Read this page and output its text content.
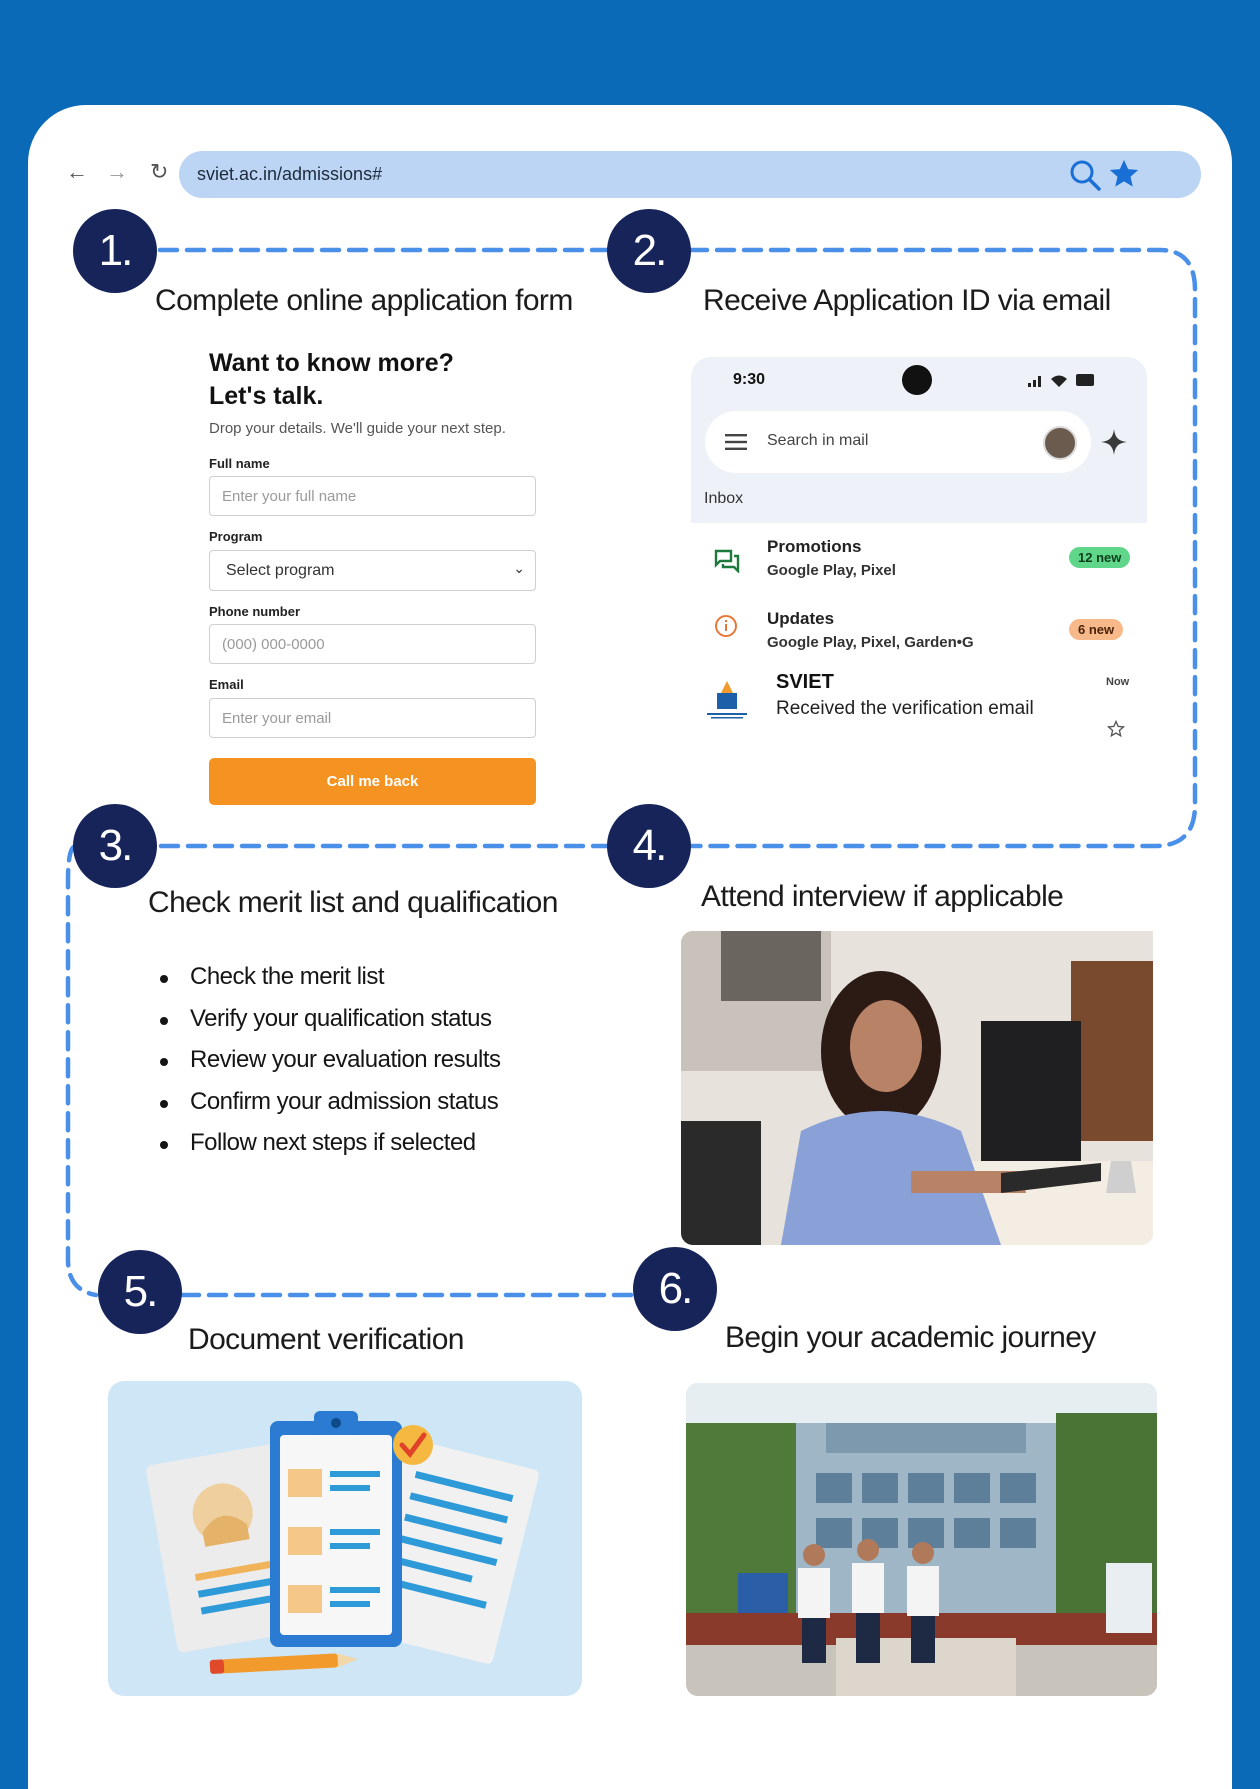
← → ↻ sviet.ac.in/admissions#
1.
Complete online application form
2.
Receive Application ID via email
3.
Check merit list and qualification
4.
Attend interview if applicable
5.
Document verification
6.
Begin your academic journey
Want to know more?
Let's talk.
Drop your details. We'll guide your next step.
Full name
Enter your full name
Program
Select program	⌄
Phone number
(000) 000-0000
Email
Enter your email
Call me back
9:30
Search in mail
Inbox
Promotions
Google Play, Pixel
12 new
Updates
Google Play, Pixel, Garden•G
6 new
SVIET
Received the verification email
Now
Check the merit list
Verify your qualification status
Review your evaluation results
Confirm your admission status
Follow next steps if selected
